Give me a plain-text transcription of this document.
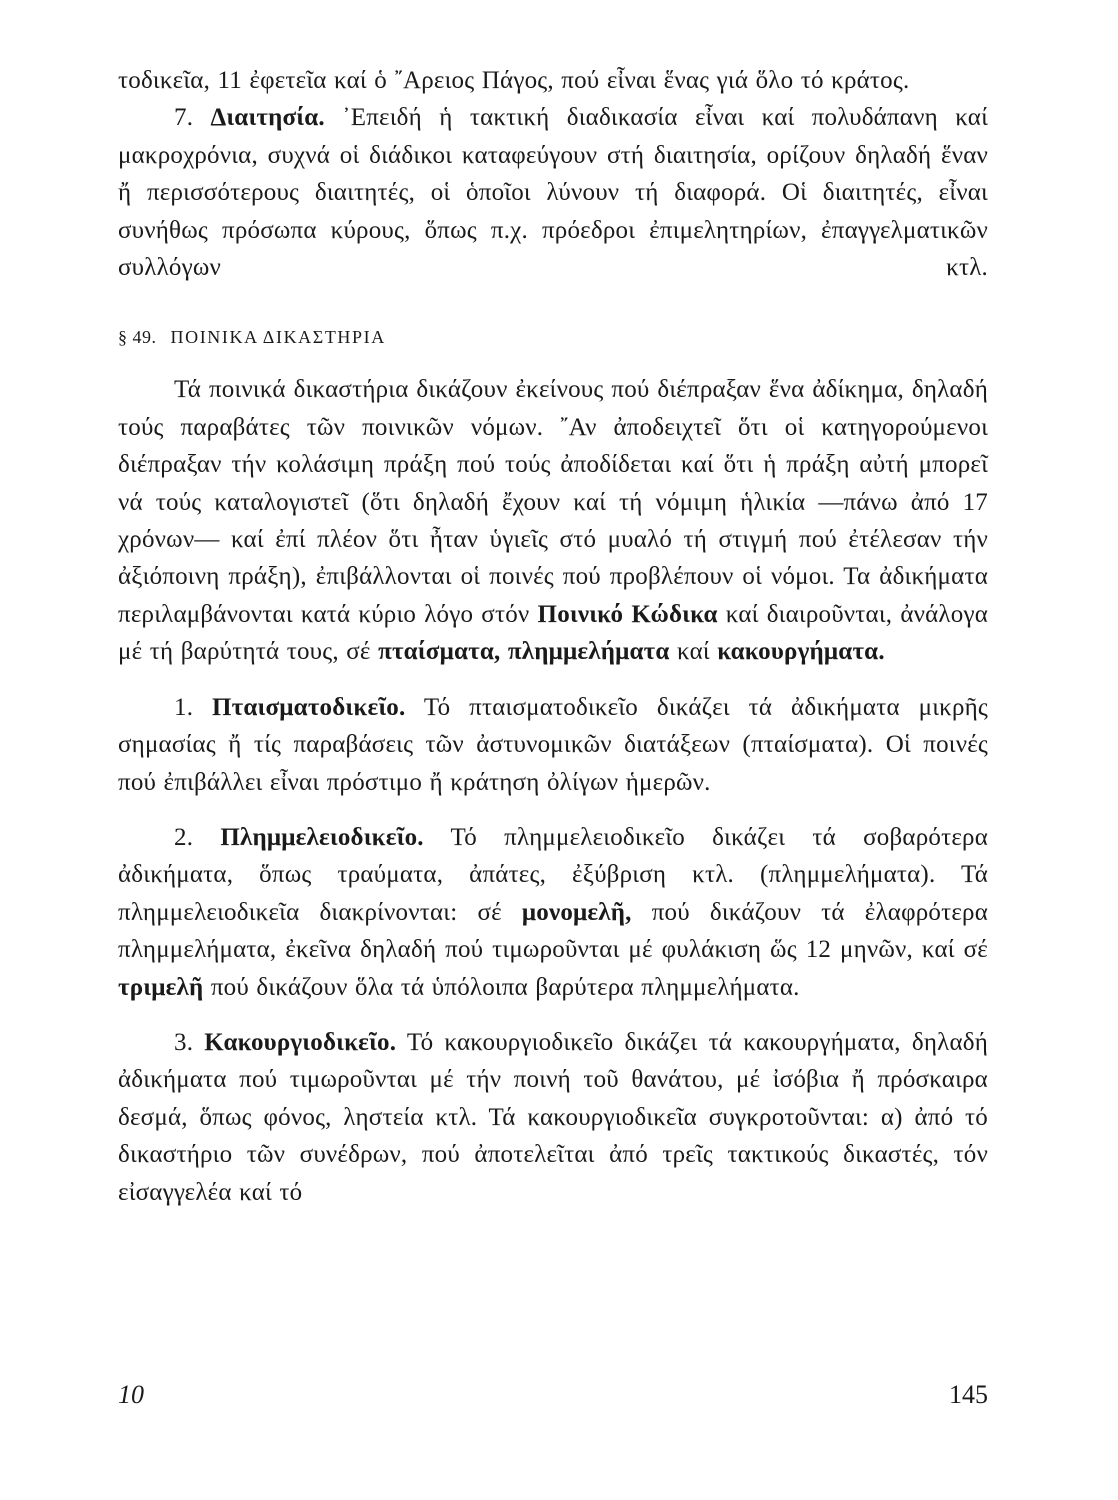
τοδικεῖα, 11 ἐφετεῖα καί ὁ ῎Αρειος Πάγος, πού εἶναι ἕνας γιά ὅλο τό κράτος.

7. Διαιτησία. ᾿Επειδή ἡ τακτική διαδικασία εἶναι καί πολυδάπανη καί μακροχρόνια, συχνά οἱ διάδικοι καταφεύγουν στή διαιτησία, ορίζουν δηλαδή ἕναν ἤ περισσότερους διαιτητές, οἱ ὁποῖοι λύνουν τή διαφορά. Οἱ διαιτητές, εἶναι συνήθως πρόσωπα κύρους, ὅπως π.χ. πρόεδροι ἐπιμελητηρίων, ἐπαγγελματικῶν συλλόγων κτλ.

§ 49. ΠΟΙΝΙΚΑ ΔΙΚΑΣΤΗΡΙΑ

Τά ποινικά δικαστήρια δικάζουν ἐκείνους πού διέπραξαν ἕνα ἀδίκημα, δηλαδή τούς παραβάτες τῶν ποινικῶν νόμων. ῎Αν ἀποδειχτεῖ ὅτι οἱ κατηγορούμενοι διέπραξαν τήν κολάσιμη πράξη πού τούς ἀποδίδεται καί ὅτι ἡ πράξη αὐτή μπορεῖ νά τούς καταλογιστεῖ (ὅτι δηλαδή ἔχουν καί τή νόμιμη ἡλικία —πάνω ἀπό 17 χρόνων— καί ἐπί πλέον ὅτι ἦταν ὑγιεῖς στό μυαλό τή στιγμή πού ἐτέλεσαν τήν ἀξιόποινη πράξη), ἐπιβάλλονται οἱ ποινές πού προβλέπουν οἱ νόμοι. Τα ἀδικήματα περιλαμβάνονται κατά κύριο λόγο στόν Ποινικό Κώδικα καί διαιροῦνται, ἀνάλογα μέ τή βαρύτητά τους, σέ πταίσματα, πλημμελήματα καί κακουργήματα.

1. Πταισματοδικεῖο. Τό πταισματοδικεῖο δικάζει τά ἀδικήματα μικρῆς σημασίας ἤ τίς παραβάσεις τῶν ἀστυνομικῶν διατάξεων (πταίσματα). Οἱ ποινές πού ἐπιβάλλει εἶναι πρόστιμο ἤ κράτηση ὀλίγων ἡμερῶν.

2. Πλημμελειοδικεῖο. Τό πλημμελειοδικεῖο δικάζει τά σοβαρότερα ἀδικήματα, ὅπως τραύματα, ἀπάτες, ἐξύβριση κτλ. (πλημμελήματα). Τά πλημμελειοδικεῖα διακρίνονται: σέ μονομελῆ, πού δικάζουν τά ἐλαφρότερα πλημμελήματα, ἐκεῖνα δηλαδή πού τιμωροῦνται μέ φυλάκιση ὥς 12 μηνῶν, καί σέ τριμελῆ πού δικάζουν ὅλα τά ὑπόλοιπα βαρύτερα πλημμελήματα.

3. Κακουργιοδικεῖο. Τό κακουργιοδικεῖο δικάζει τά κακουργήματα, δηλαδή ἀδικήματα πού τιμωροῦνται μέ τήν ποινή τοῦ θανάτου, μέ ἰσόβια ἤ πρόσκαιρα δεσμά, ὅπως φόνος, ληστεία κτλ. Τά κακουργιοδικεῖα συγκροτοῦνται: α) ἀπό τό δικαστήριο τῶν συνέδρων, πού ἀποτελεῖται ἀπό τρεῖς τακτικούς δικαστές, τόν εἰσαγγελέα καί τό

10	145
